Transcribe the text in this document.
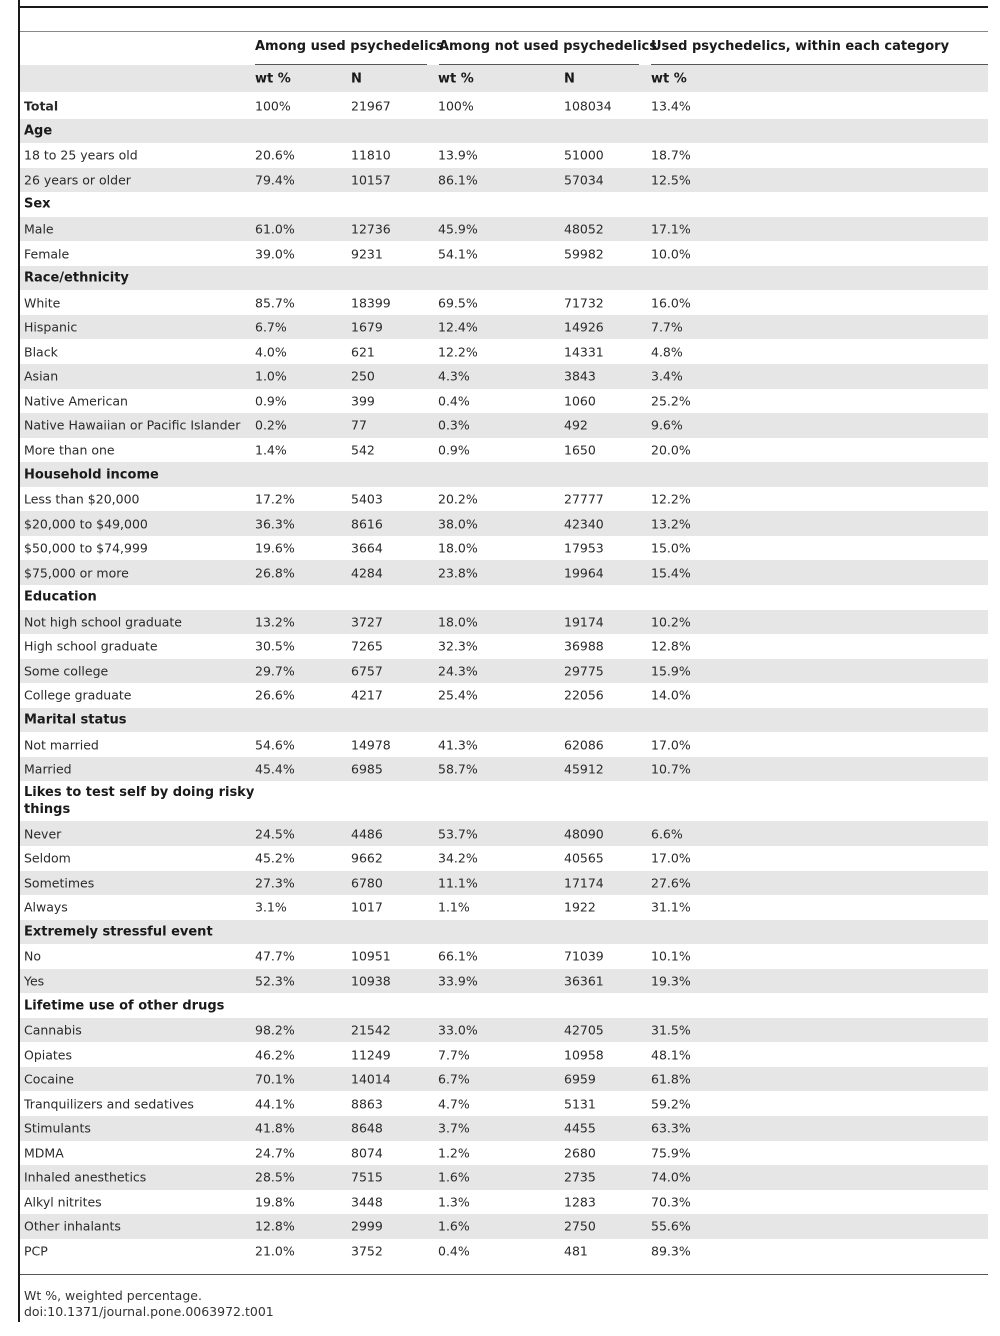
Among used psychedelics
Among not used psychedelics
Used psychedelics, within each category
wt %	N	wt %	N	wt %
Total	100%	21967	100%	108034	13.4%
Age
18 to 25 years old	20.6%	11810	13.9%	51000	18.7%
26 years or older	79.4%	10157	86.1%	57034	12.5%
Sex
Male	61.0%	12736	45.9%	48052	17.1%
Female	39.0%	9231	54.1%	59982	10.0%
Race/ethnicity
White	85.7%	18399	69.5%	71732	16.0%
Hispanic	6.7%	1679	12.4%	14926	7.7%
Black	4.0%	621	12.2%	14331	4.8%
Asian	1.0%	250	4.3%	3843	3.4%
Native American	0.9%	399	0.4%	1060	25.2%
Native Hawaiian or Pacific Islander 0.2%	77	0.3%	492	9.6%
More than one	1.4%	542	0.9%	1650	20.0%
Household income
Less than $20,000	17.2%	5403	20.2%	27777	12.2%
$20,000 to $49,000	36.3%	8616	38.0%	42340	13.2%
$50,000 to $74,999	19.6%	3664	18.0%	17953	15.0%
$75,000 or more	26.8%	4284	23.8%	19964	15.4%
Education
Not high school graduate	13.2%	3727	18.0%	19174	10.2%
High school graduate	30.5%	7265	32.3%	36988	12.8%
Some college	29.7%	6757	24.3%	29775	15.9%
College graduate	26.6%	4217	25.4%	22056	14.0%
Marital status
Not married	54.6%	14978	41.3%	62086	17.0%
Married	45.4%	6985	58.7%	45912	10.7%
Likes to test self by doing risky things
Never	24.5%	4486	53.7%	48090	6.6%
Seldom	45.2%	9662	34.2%	40565	17.0%
Sometimes	27.3%	6780	11.1%	17174	27.6%
Always	3.1%	1017	1.1%	1922	31.1%
Extremely stressful event
No	47.7%	10951	66.1%	71039	10.1%
Yes	52.3%	10938	33.9%	36361	19.3%
Lifetime use of other drugs
Cannabis	98.2%	21542	33.0%	42705	31.5%
Opiates	46.2%	11249	7.7%	10958	48.1%
Cocaine	70.1%	14014	6.7%	6959	61.8%
Tranquilizers and sedatives	44.1%	8863	4.7%	5131	59.2%
Stimulants	41.8%	8648	3.7%	4455	63.3%
MDMA	24.7%	8074	1.2%	2680	75.9%
Inhaled anesthetics	28.5%	7515	1.6%	2735	74.0%
Alkyl nitrites	19.8%	3448	1.3%	1283	70.3%
Other inhalants	12.8%	2999	1.6%	2750	55.6%
PCP	21.0%	3752	0.4%	481	89.3%
Wt %, weighted percentage.
doi:10.1371/journal.pone.0063972.t001
